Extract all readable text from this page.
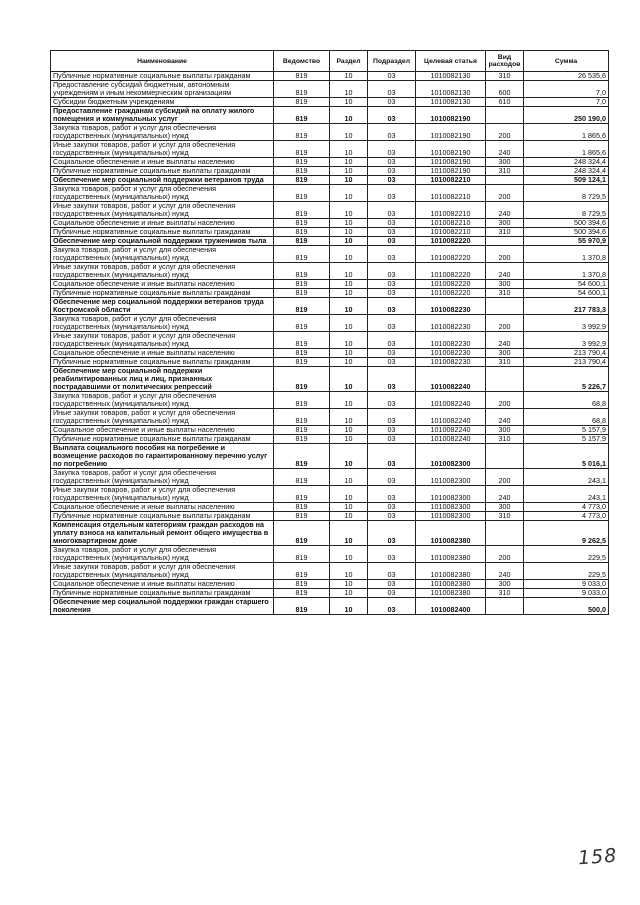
Наименование	Ведомство	Раздел	Подраздел	Целевая статья	Вид расходов	Сумма
Публичные нормативные социальные выплаты гражданам	819	10	03	1010082130	310	26 535,6
Предоставление субсидий бюджетным, автономным учреждениям и иным некоммерческим организациям	819	10	03	1010082130	600	7,0
Субсидии бюджетным учреждениям	819	10	03	1010082130	610	7,0
Предоставление гражданам субсидий на оплату жилого помещения и коммунальных услуг	819	10	03	1010082190		250 190,0
Закупка товаров, работ и услуг для обеспечения государственных (муниципальных) нужд	819	10	03	1010082190	200	1 865,6
Иные закупки товаров, работ и услуг для обеспечения государственных (муниципальных) нужд	819	10	03	1010082190	240	1 865,6
Социальное обеспечение и иные выплаты населению	819	10	03	1010082190	300	248 324,4
Публичные нормативные социальные выплаты гражданам	819	10	03	1010082190	310	248 324,4
Обеспечение мер социальной поддержки ветеранов труда	819	10	03	1010082210		509 124,1
Закупка товаров, работ и услуг для обеспечения государственных (муниципальных) нужд	819	10	03	1010082210	200	8 729,5
Иные закупки товаров, работ и услуг для обеспечения государственных (муниципальных) нужд	819	10	03	1010082210	240	8 729,5
Социальное обеспечение и иные выплаты населению	819	10	03	1010082210	300	500 394,6
Публичные нормативные социальные выплаты гражданам	819	10	03	1010082210	310	500 394,6
Обеспечение мер социальной поддержки тружеников тыла	819	10	03	1010082220		55 970,9
Закупка товаров, работ и услуг для обеспечения государственных (муниципальных) нужд	819	10	03	1010082220	200	1 370,8
Иные закупки товаров, работ и услуг для обеспечения государственных (муниципальных) нужд	819	10	03	1010082220	240	1 370,8
Социальное обеспечение и иные выплаты населению	819	10	03	1010082220	300	54 600,1
Публичные нормативные социальные выплаты гражданам	819	10	03	1010082220	310	54 600,1
Обеспечение мер социальной поддержки ветеранов труда Костромской области	819	10	03	1010082230		217 783,3
Закупка товаров, работ и услуг для обеспечения государственных (муниципальных) нужд	819	10	03	1010082230	200	3 992,9
Иные закупки товаров, работ и услуг для обеспечения государственных (муниципальных) нужд	819	10	03	1010082230	240	3 992,9
Социальное обеспечение и иные выплаты населению	819	10	03	1010082230	300	213 790,4
Публичные нормативные социальные выплаты гражданам	819	10	03	1010082230	310	213 790,4
Обеспечение мер социальной поддержки реабилитированных лиц и лиц, признанных пострадавшими от политических репрессий	819	10	03	1010082240		5 226,7
Закупка товаров, работ и услуг для обеспечения государственных (муниципальных) нужд	819	10	03	1010082240	200	68,8
Иные закупки товаров, работ и услуг для обеспечения государственных (муниципальных) нужд	819	10	03	1010082240	240	68,8
Социальное обеспечение и иные выплаты населению	819	10	03	1010082240	300	5 157,9
Публичные нормативные социальные выплаты гражданам	819	10	03	1010082240	310	5 157,9
Выплата социального пособия на погребение и возмещение расходов по гарантированному перечню услуг по погребению	819	10	03	1010082300		5 016,1
Закупка товаров, работ и услуг для обеспечения государственных (муниципальных) нужд	819	10	03	1010082300	200	243,1
Иные закупки товаров, работ и услуг для обеспечения государственных (муниципальных) нужд	819	10	03	1010082300	240	243,1
Социальное обеспечение и иные выплаты населению	819	10	03	1010082300	300	4 773,0
Публичные нормативные социальные выплаты гражданам	819	10	03	1010082300	310	4 773,0
Компенсация отдельным категориям граждан расходов на уплату взноса на капитальный ремонт общего имущества в многоквартирном доме	819	10	03	1010082380		9 262,5
Закупка товаров, работ и услуг для обеспечения государственных (муниципальных) нужд	819	10	03	1010082380	200	229,5
Иные закупки товаров, работ и услуг для обеспечения государственных (муниципальных) нужд	819	10	03	1010082380	240	229,5
Социальное обеспечение и иные выплаты населению	819	10	03	1010082380	300	9 033,0
Публичные нормативные социальные выплаты гражданам	819	10	03	1010082380	310	9 033,0
Обеспечение мер социальной поддержки граждан старшего поколения	819	10	03	1010082400		500,0
158
